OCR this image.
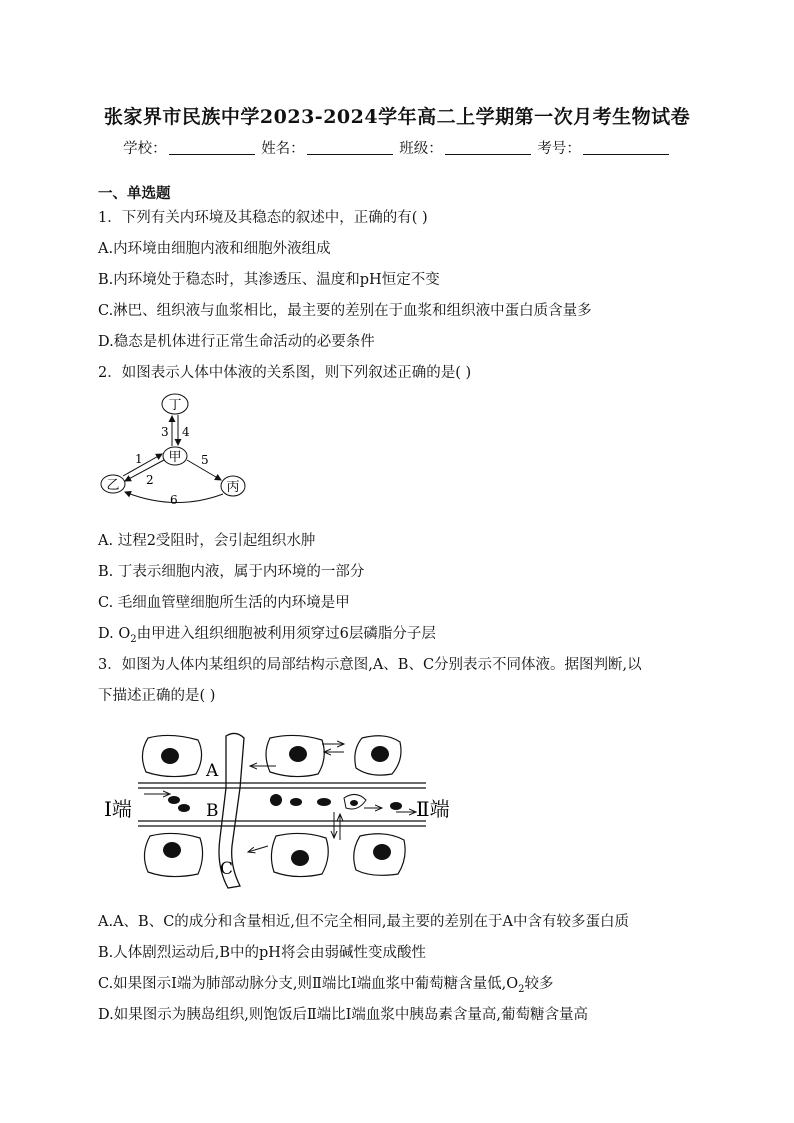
张家界市民族中学2023-2024学年高二上学期第一次月考生物试卷
学校：	姓名：	班级：	考号：
一、单选题
1．下列有关内环境及其稳态的叙述中，正确的有( )
A.内环境由细胞内液和细胞外液组成
B.内环境处于稳态时，其渗透压、温度和pH恒定不变
C.淋巴、组织液与血浆相比，最主要的差别在于血浆和组织液中蛋白质含量多
D.稳态是机体进行正常生命活动的必要条件
2．如图表示人体中体液的关系图，则下列叙述正确的是( )
丁
甲
乙	丙
3 4
1
2
5
6
A. 过程2受阻时，会引起组织水肿
B. 丁表示细胞内液，属于内环境的一部分
C. 毛细血管壁细胞所生活的内环境是甲
D. $O_2$由甲进入组织细胞被利用须穿过6层磷脂分子层
3．如图为人体内某组织的局部结构示意图,A、B、C分别表示不同体液。据图判断,以
下描述正确的是( )
A
B
C
Ⅰ端	Ⅱ端
A.A、B、C的成分和含量相近,但不完全相同,最主要的差别在于A中含有较多蛋白质
B.人体剧烈运动后,B中的pH将会由弱碱性变成酸性
C.如果图示Ⅰ端为肺部动脉分支,则Ⅱ端比Ⅰ端血浆中葡萄糖含量低$,O_2$较多
D.如果图示为胰岛组织,则饱饭后Ⅱ端比Ⅰ端血浆中胰岛素含量高,葡萄糖含量高
